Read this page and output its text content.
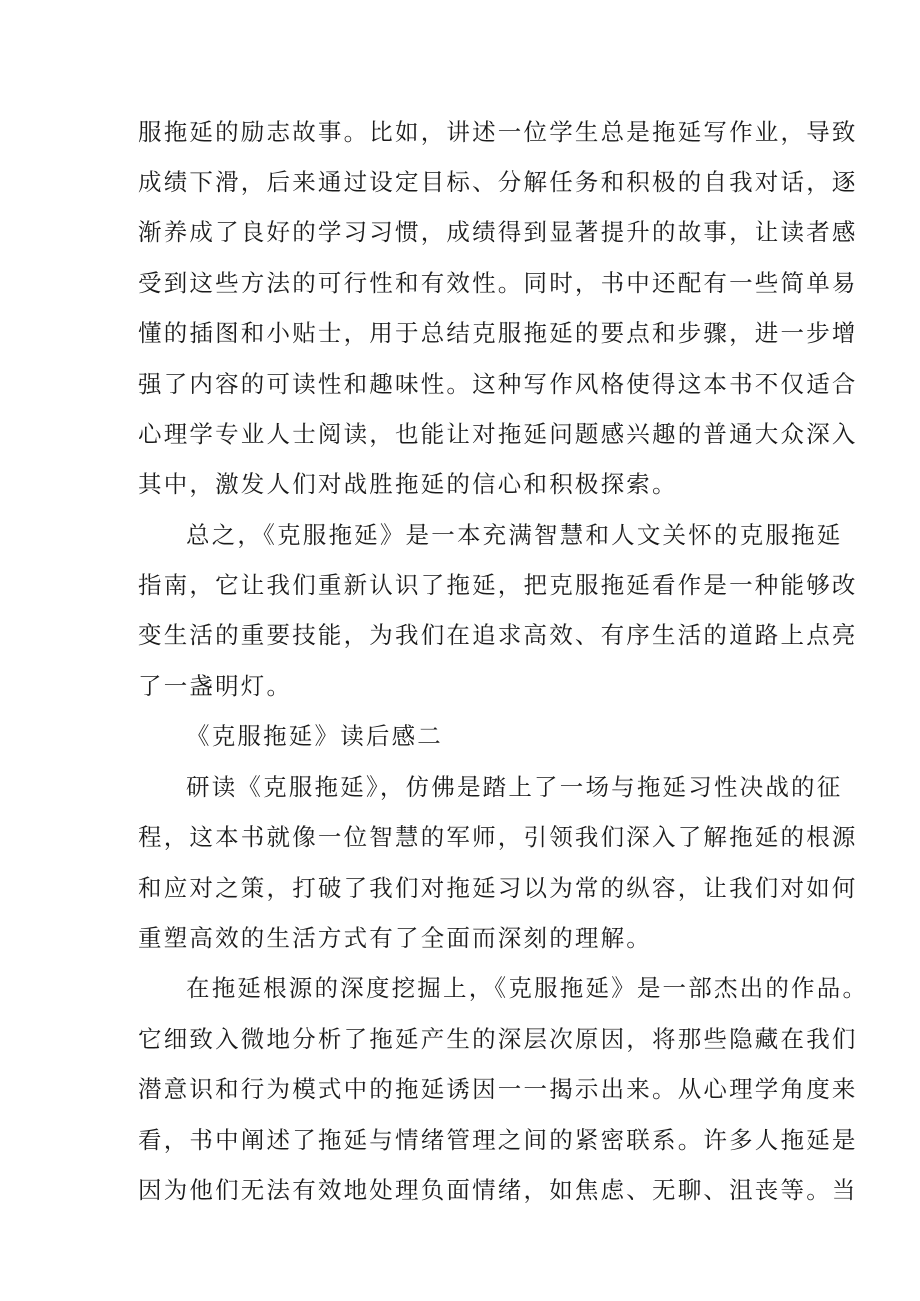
服拖延的励志故事。比如，讲述一位学生总是拖延写作业，导致
成绩下滑，后来通过设定目标、分解任务和积极的自我对话，逐
渐养成了良好的学习习惯，成绩得到显著提升的故事，让读者感
受到这些方法的可行性和有效性。同时，书中还配有一些简单易
懂的插图和小贴士，用于总结克服拖延的要点和步骤，进一步增
强了内容的可读性和趣味性。这种写作风格使得这本书不仅适合
心理学专业人士阅读，也能让对拖延问题感兴趣的普通大众深入
其中，激发人们对战胜拖延的信心和积极探索。
总之，《克服拖延》是一本充满智慧和人文关怀的克服拖延
指南，它让我们重新认识了拖延，把克服拖延看作是一种能够改
变生活的重要技能，为我们在追求高效、有序生活的道路上点亮
了一盏明灯。
《克服拖延》读后感二
研读《克服拖延》，仿佛是踏上了一场与拖延习性决战的征
程，这本书就像一位智慧的军师，引领我们深入了解拖延的根源
和应对之策，打破了我们对拖延习以为常的纵容，让我们对如何
重塑高效的生活方式有了全面而深刻的理解。
在拖延根源的深度挖掘上，《克服拖延》是一部杰出的作品。
它细致入微地分析了拖延产生的深层次原因，将那些隐藏在我们
潜意识和行为模式中的拖延诱因一一揭示出来。从心理学角度来
看，书中阐述了拖延与情绪管理之间的紧密联系。许多人拖延是
因为他们无法有效地处理负面情绪，如焦虑、无聊、沮丧等。当
